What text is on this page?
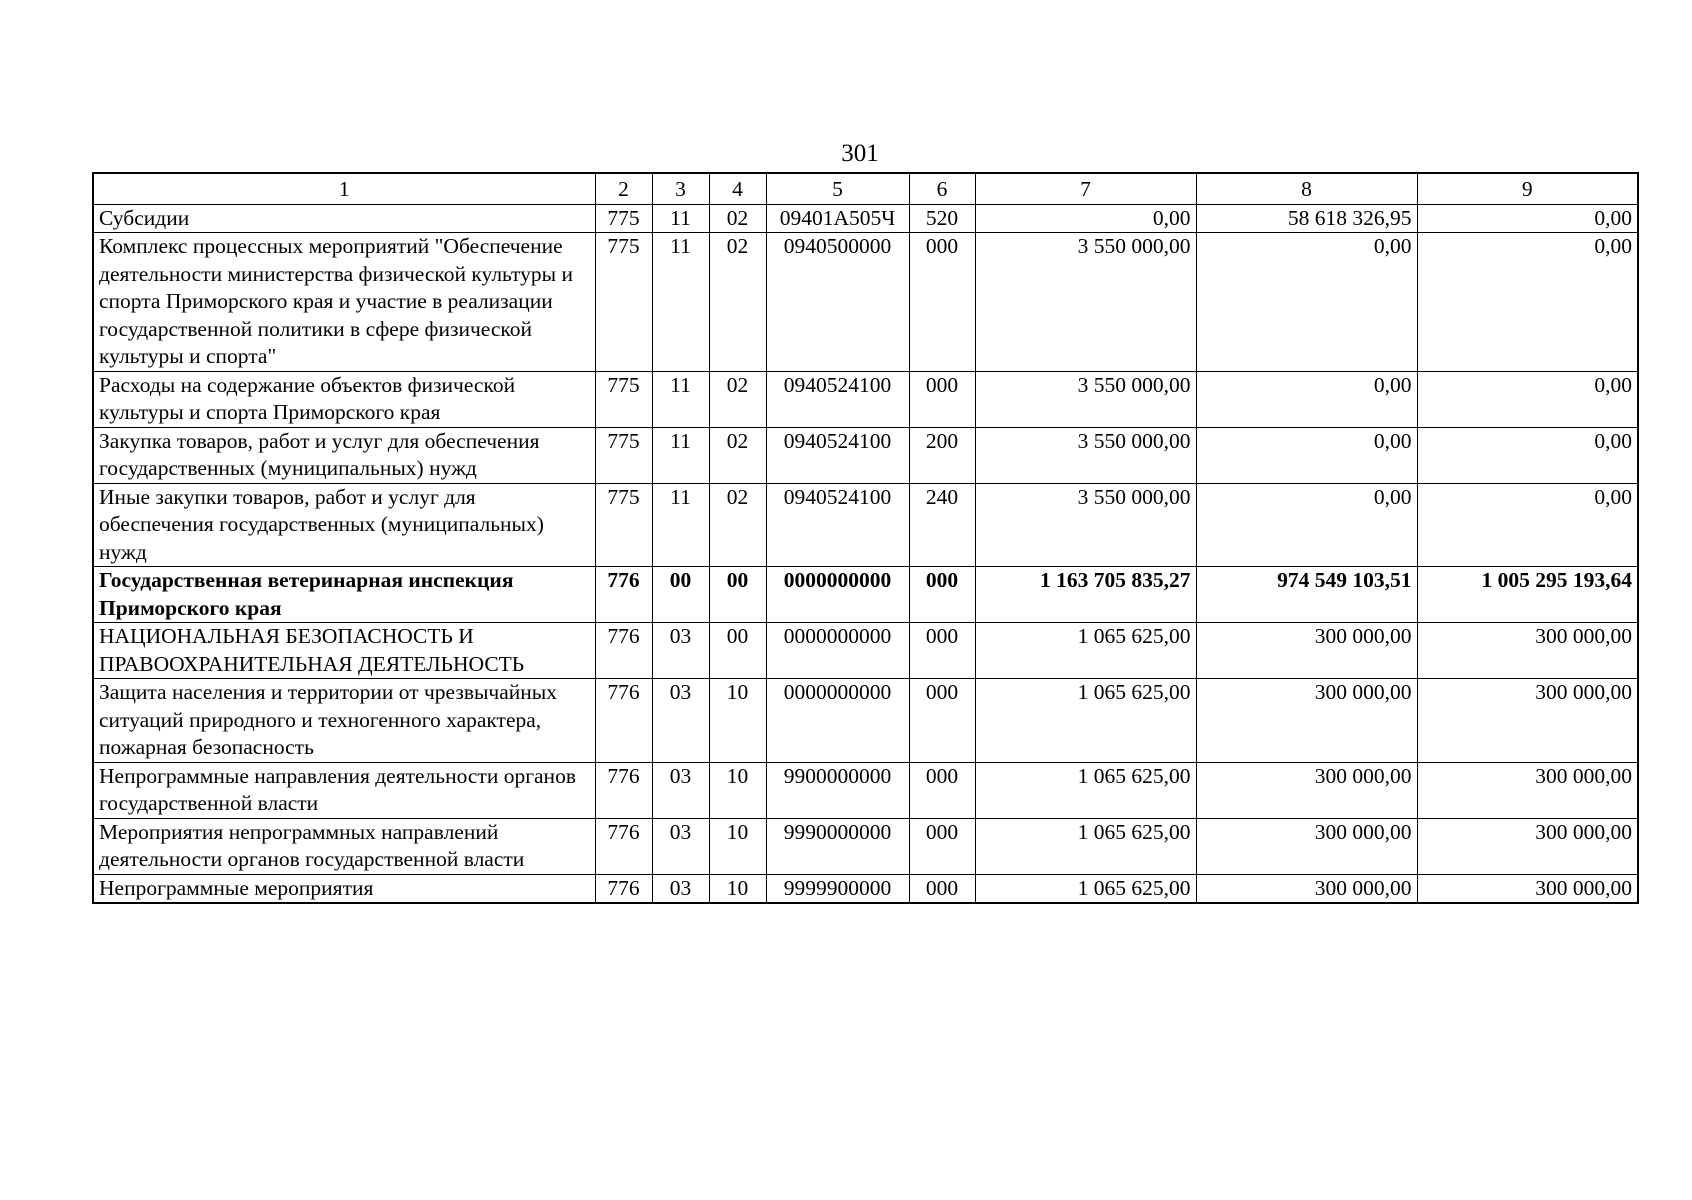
301
1	2	3	4	5	6	7	8	9
Субсидии	775	11	02	09401А505Ч	520	0,00	58 618 326,95	0,00
Комплекс процессных мероприятий "Обеспечение деятельности министерства физической культуры и спорта Приморского края и участие в реализации государственной политики в сфере физической культуры и спорта"	775	11	02	0940500000	000	3 550 000,00	0,00	0,00
Расходы на содержание объектов физической культуры и спорта Приморского края	775	11	02	0940524100	000	3 550 000,00	0,00	0,00
Закупка товаров, работ и услуг для обеспечения государственных (муниципальных) нужд	775	11	02	0940524100	200	3 550 000,00	0,00	0,00
Иные закупки товаров, работ и услуг для обеспечения государственных (муниципальных) нужд	775	11	02	0940524100	240	3 550 000,00	0,00	0,00
Государственная ветеринарная инспекция Приморского края	776	00	00	0000000000	000	1 163 705 835,27	974 549 103,51	1 005 295 193,64
НАЦИОНАЛЬНАЯ БЕЗОПАСНОСТЬ И ПРАВООХРАНИТЕЛЬНАЯ ДЕЯТЕЛЬНОСТЬ	776	03	00	0000000000	000	1 065 625,00	300 000,00	300 000,00
Защита населения и территории от чрезвычайных ситуаций природного и техногенного характера, пожарная безопасность	776	03	10	0000000000	000	1 065 625,00	300 000,00	300 000,00
Непрограммные направления деятельности органов государственной власти	776	03	10	9900000000	000	1 065 625,00	300 000,00	300 000,00
Мероприятия непрограммных направлений деятельности органов государственной власти	776	03	10	9990000000	000	1 065 625,00	300 000,00	300 000,00
Непрограммные мероприятия	776	03	10	9999900000	000	1 065 625,00	300 000,00	300 000,00
